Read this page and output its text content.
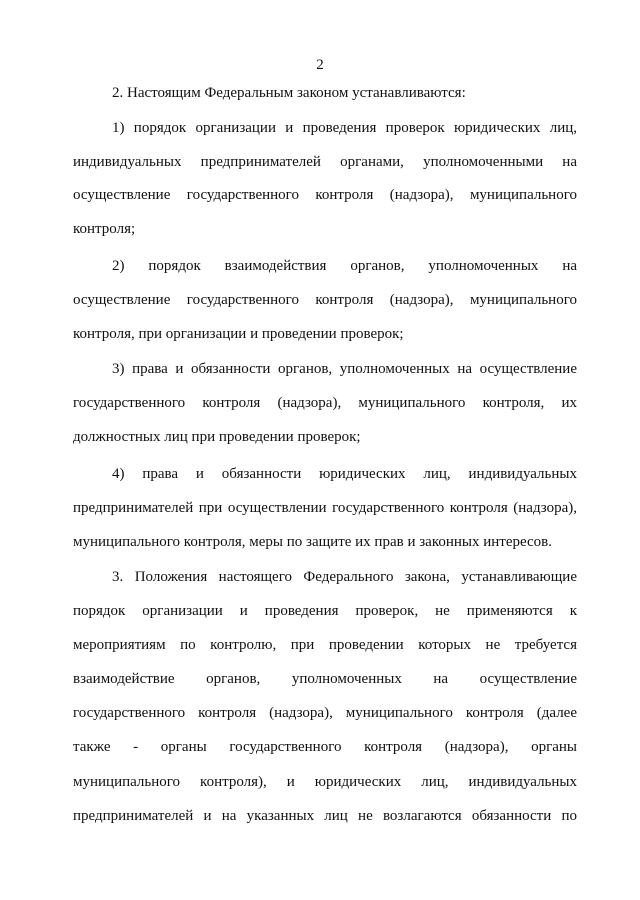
2
2. Настоящим Федеральным законом устанавливаются:
1) порядок организации и проведения проверок юридических лиц,
индивидуальных предпринимателей органами, уполномоченными на
осуществление государственного контроля (надзора), муниципального
контроля;
2) порядок взаимодействия органов, уполномоченных на
осуществление государственного контроля (надзора), муниципального
контроля, при организации и проведении проверок;
3) права и обязанности органов, уполномоченных на осуществление
государственного контроля (надзора), муниципального контроля, их
должностных лиц при проведении проверок;
4) права и обязанности юридических лиц, индивидуальных
предпринимателей при осуществлении государственного контроля (надзора),
муниципального контроля, меры по защите их прав и законных интересов.
3. Положения настоящего Федерального закона, устанавливающие
порядок организации и проведения проверок, не применяются к
мероприятиям по контролю, при проведении которых не требуется
взаимодействие органов, уполномоченных на осуществление
государственного контроля (надзора), муниципального контроля (далее
также - органы государственного контроля (надзора), органы
муниципального контроля), и юридических лиц, индивидуальных
предпринимателей и на указанных лиц не возлагаются обязанности по
